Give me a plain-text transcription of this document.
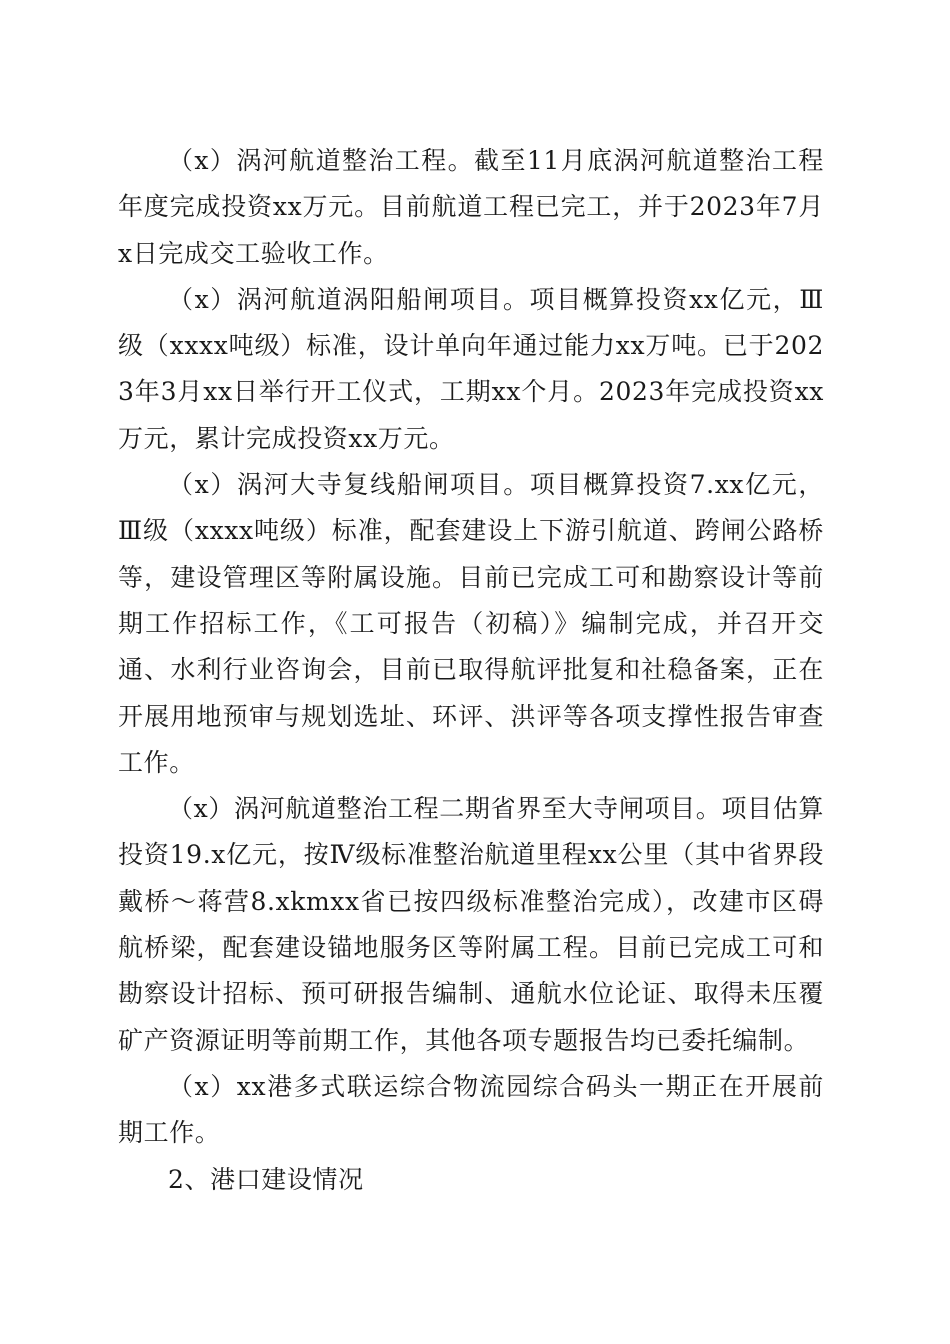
（x）涡河航道整治工程。截至11月底涡河航道整治工程年度完成投资xx万元。目前航道工程已完工，并于2023年7月x日完成交工验收工作。

（x）涡河航道涡阳船闸项目。项目概算投资xx亿元，Ⅲ级（xxxx吨级）标准，设计单向年通过能力xx万吨。已于2023年3月xx日举行开工仪式，工期xx个月。2023年完成投资xx万元，累计完成投资xx万元。

（x）涡河大寺复线船闸项目。项目概算投资7.xx亿元，Ⅲ级（xxxx吨级）标准，配套建设上下游引航道、跨闸公路桥等，建设管理区等附属设施。目前已完成工可和勘察设计等前期工作招标工作，《工可报告（初稿）》编制完成，并召开交通、水利行业咨询会，目前已取得航评批复和社稳备案，正在开展用地预审与规划选址、环评、洪评等各项支撑性报告审查工作。

（x）涡河航道整治工程二期省界至大寺闸项目。项目估算投资19.x亿元，按Ⅳ级标准整治航道里程xx公里（其中省界段戴桥～蒋营8.xkmxx省已按四级标准整治完成），改建市区碍航桥梁，配套建设锚地服务区等附属工程。目前已完成工可和勘察设计招标、预可研报告编制、通航水位论证、取得未压覆矿产资源证明等前期工作，其他各项专题报告均已委托编制。

（x）xx港多式联运综合物流园综合码头一期正在开展前期工作。

2、港口建设情况
